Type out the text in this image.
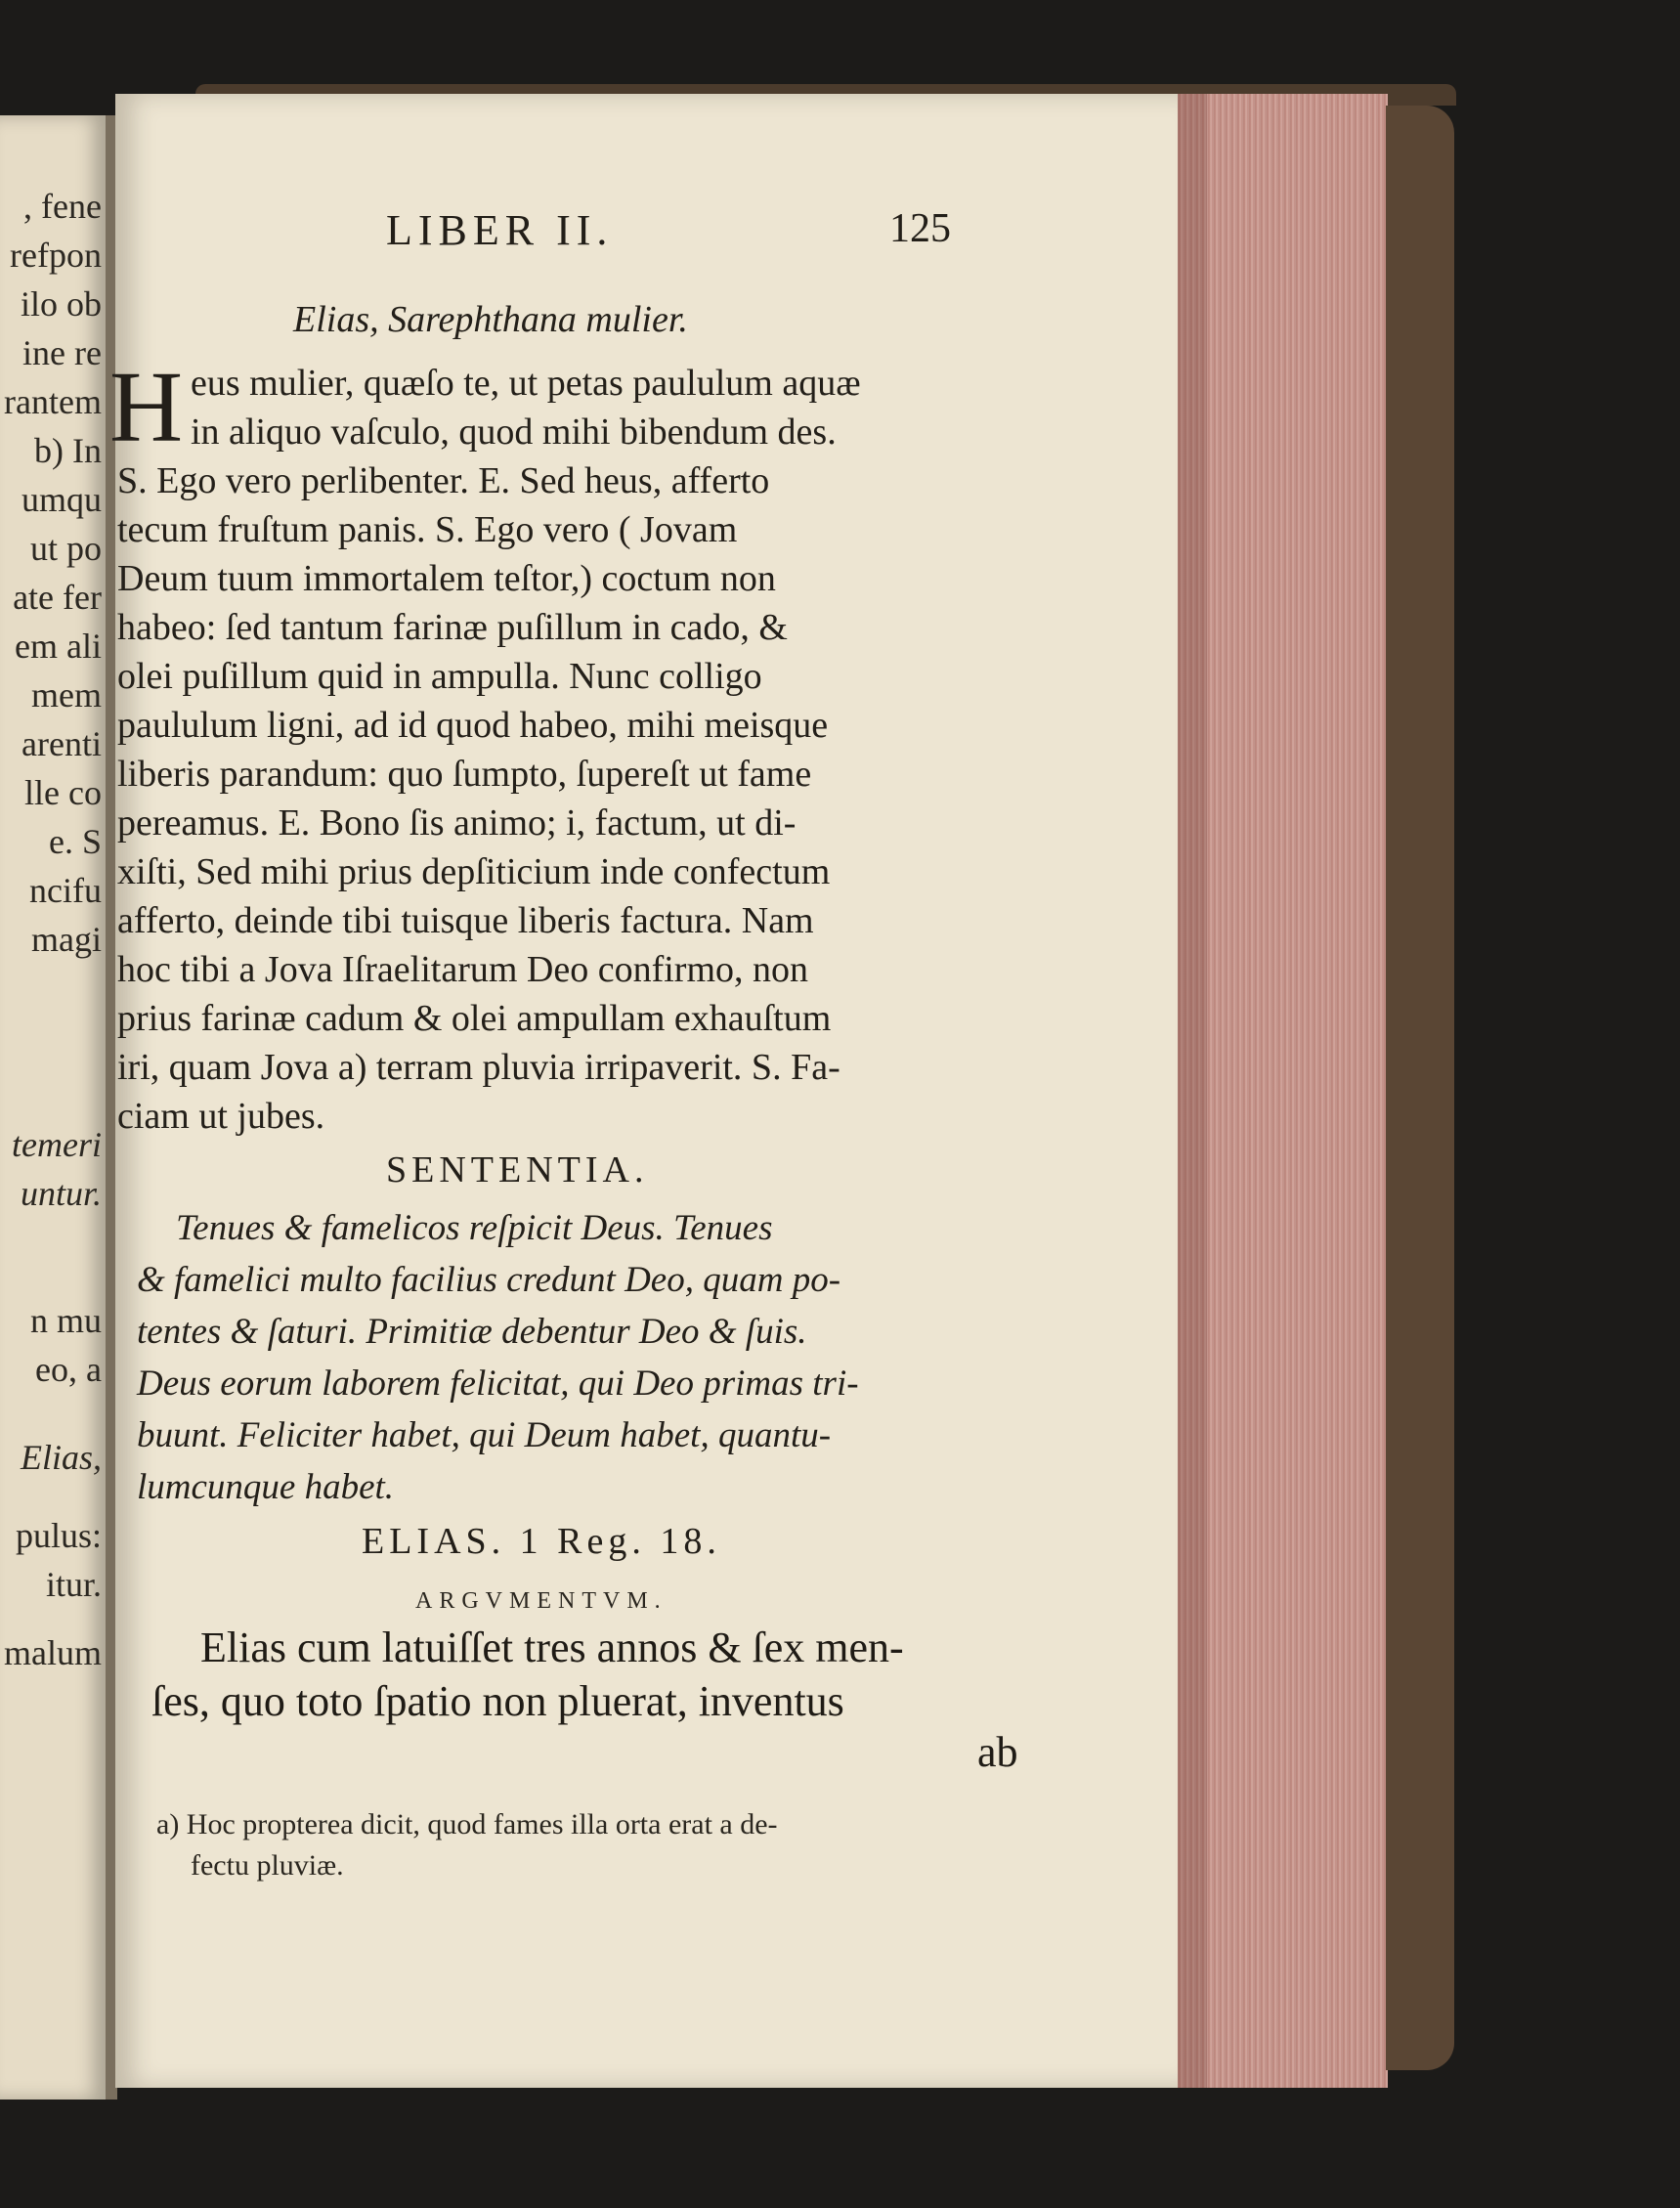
, fene
refpon
ilo ob
ine re
rantem
b) In
umqu
ut po
ate fer
em ali
mem
arenti
lle co
e. S
ncifu
magi
temeri
untur.
n mu
eo, a
Elias,
pulus:
itur.
malum
LIBER II.	125
Elias, Sarephthana mulier.
H eus mulier, quæſo te, ut petas paululum aquæ
in aliquo vaſculo, quod mihi bibendum des.
S. Ego vero perlibenter. E. Sed heus, afferto
tecum fruſtum panis. S. Ego vero ( Jovam
Deum tuum immortalem teſtor,) coctum non
habeo: ſed tantum farinæ puſillum in cado, &
olei puſillum quid in ampulla. Nunc colligo
paululum ligni, ad id quod habeo, mihi meisque
liberis parandum: quo ſumpto, ſupereſt ut fame
pereamus. E. Bono ſis animo; i, factum, ut di-
xiſti, Sed mihi prius depſiticium inde confectum
afferto, deinde tibi tuisque liberis factura. Nam
hoc tibi a Jova Iſraelitarum Deo confirmo, non
prius farinæ cadum & olei ampullam exhauſtum
iri, quam Jova a) terram pluvia irripaverit. S. Fa-
ciam ut jubes.
SENTENTIA.
Tenues & famelicos reſpicit Deus. Tenues
& famelici multo facilius credunt Deo, quam po-
tentes & ſaturi. Primitiæ debentur Deo & ſuis.
Deus eorum laborem felicitat, qui Deo primas tri-
buunt. Feliciter habet, qui Deum habet, quantu-
lumcunque habet.
ELIAS. 1 Reg. 18.
ARGVMENTVM.
Elias cum latuiſſet tres annos & ſex men-
ſes, quo toto ſpatio non pluerat, inventus
ab
a) Hoc propterea dicit, quod fames illa orta erat a de-
fectu pluviæ.
